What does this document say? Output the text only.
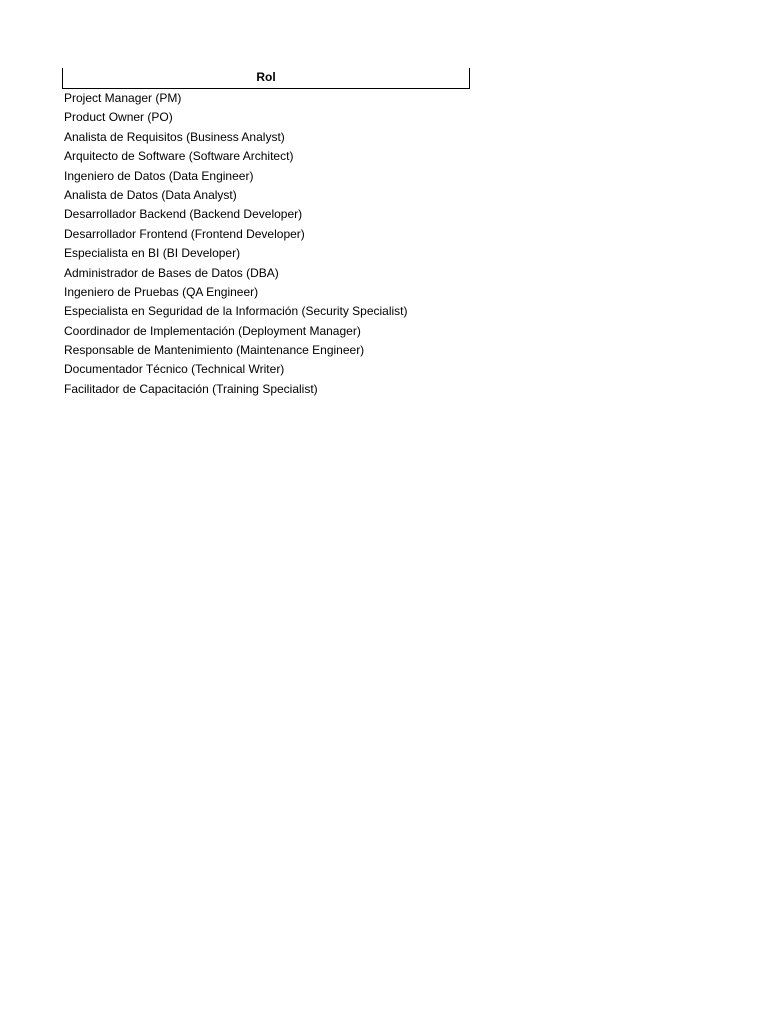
Rol
Project Manager (PM)
Product Owner (PO)
Analista de Requisitos (Business Analyst)
Arquitecto de Software (Software Architect)
Ingeniero de Datos (Data Engineer)
Analista de Datos (Data Analyst)
Desarrollador Backend (Backend Developer)
Desarrollador Frontend (Frontend Developer)
Especialista en BI (BI Developer)
Administrador de Bases de Datos (DBA)
Ingeniero de Pruebas (QA Engineer)
Especialista en Seguridad de la Información (Security Specialist)
Coordinador de Implementación (Deployment Manager)
Responsable de Mantenimiento (Maintenance Engineer)
Documentador Técnico (Technical Writer)
Facilitador de Capacitación (Training Specialist)
